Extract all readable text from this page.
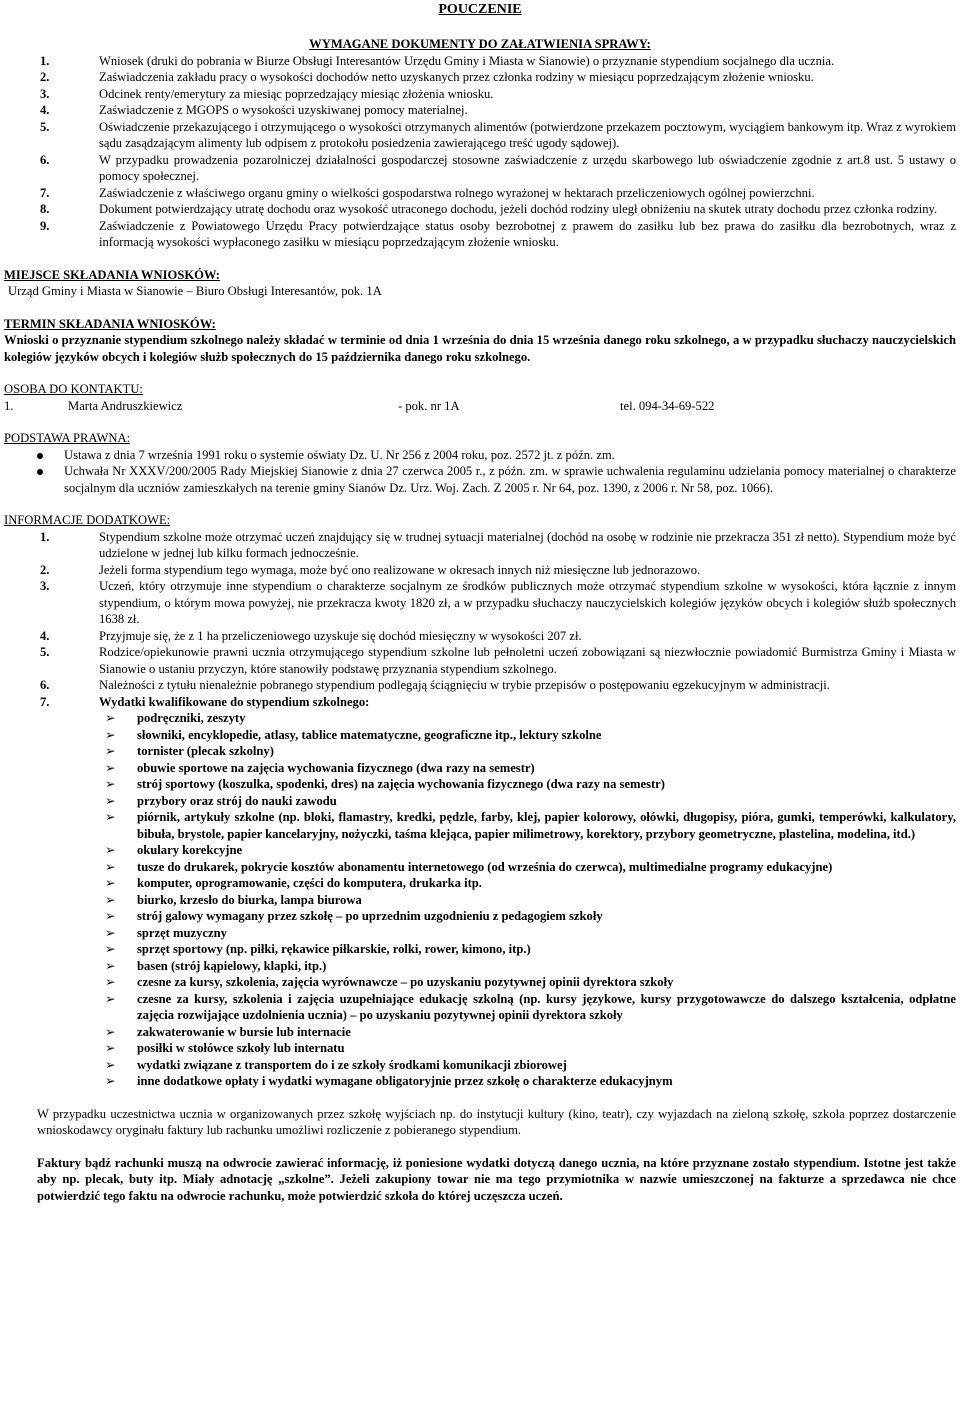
POUCZENIE
WYMAGANE DOKUMENTY DO ZAŁATWIENIA SPRAWY:
1.	Wniosek (druki do pobrania w Biurze Obsługi Interesantów Urzędu Gminy i Miasta w Sianowie) o przyznanie stypendium socjalnego dla ucznia.
2.	Zaświadczenia zakładu pracy o wysokości dochodów netto uzyskanych przez członka rodziny w miesiącu poprzedzającym złożenie wniosku.
3.	Odcinek renty/emerytury za miesiąc poprzedzający miesiąc złożenia wniosku.
4.	Zaświadczenie z MGOPS o wysokości uzyskiwanej pomocy materialnej.
5.	Oświadczenie przekazującego i otrzymującego o wysokości otrzymanych alimentów (potwierdzone przekazem pocztowym, wyciągiem bankowym itp. Wraz z wyrokiem sądu zasądzającym alimenty lub odpisem z protokołu posiedzenia zawierającego treść ugody sądowej).
6.	W przypadku prowadzenia pozarolniczej działalności gospodarczej stosowne zaświadczenie z urzędu skarbowego lub oświadczenie zgodnie z art.8 ust. 5 ustawy o pomocy społecznej.
7.	Zaświadczenie z właściwego organu gminy o wielkości gospodarstwa rolnego wyrażonej w hektarach przeliczeniowych ogólnej powierzchni.
8.	Dokument potwierdzający utratę dochodu oraz wysokość utraconego dochodu, jeżeli dochód rodziny uległ obniżeniu na skutek utraty dochodu przez członka rodziny.
9.	Zaświadczenie z Powiatowego Urzędu Pracy potwierdzające status osoby bezrobotnej z prawem do zasiłku lub bez prawa do zasiłku dla bezrobotnych, wraz z informacją wysokości wypłaconego zasiłku w miesiącu poprzedzającym złożenie wniosku.
MIEJSCE SKŁADANIA WNIOSKÓW:
Urząd Gminy i Miasta w Sianowie – Biuro Obsługi Interesantów, pok. 1A
TERMIN SKŁADANIA WNIOSKÓW:
Wnioski o przyznanie stypendium szkolnego należy składać w terminie od dnia 1 września do dnia 15 września danego roku szkolnego, a w przypadku słuchaczy nauczycielskich kolegiów języków obcych i kolegiów służb społecznych do 15 października danego roku szkolnego.
OSOBA DO KONTAKTU:
1.	Marta Andruszkiewicz	- pok. nr 1A	tel. 094-34-69-522
PODSTAWA PRAWNA:
Ustawa z dnia 7 września 1991 roku o systemie oświaty Dz. U. Nr 256 z 2004 roku, poz. 2572 jt. z późn. zm.
Uchwała Nr XXXV/200/2005 Rady Miejskiej Sianowie z dnia 27 czerwca 2005 r., z późn. zm. w sprawie uchwalenia regulaminu udzielania pomocy materialnej o charakterze socjalnym dla uczniów zamieszkałych na terenie gminy Sianów Dz. Urz. Woj. Zach. Z 2005 r. Nr 64, poz. 1390, z 2006 r. Nr 58, poz. 1066).
INFORMACJE DODATKOWE:
1.	Stypendium szkolne może otrzymać uczeń znajdujący się w trudnej sytuacji materialnej (dochód na osobę w rodzinie nie przekracza 351 zł netto). Stypendium może być udzielone w jednej lub kilku formach jednocześnie.
2.	Jeżeli forma stypendium tego wymaga, może być ono realizowane w okresach innych niż miesięczne lub jednorazowo.
3.	Uczeń, który otrzymuje inne stypendium o charakterze socjalnym ze środków publicznych może otrzymać stypendium szkolne w wysokości, która łącznie z innym stypendium, o którym mowa powyżej, nie przekracza kwoty 1820 zł, a w przypadku słuchaczy nauczycielskich kolegiów języków obcych i kolegiów służb społecznych 1638 zł.
4.	Przyjmuje się, że z 1 ha przeliczeniowego uzyskuje się dochód miesięczny w wysokości 207 zł.
5.	Rodzice/opiekunowie prawni ucznia otrzymującego stypendium szkolne lub pełnoletni uczeń zobowiązani są niezwłocznie powiadomić Burmistrza Gminy i Miasta w Sianowie o ustaniu przyczyn, które stanowiły podstawę przyznania stypendium szkolnego.
6.	Należności z tytułu nienależnie pobranego stypendium podlegają ściągnięciu w trybie przepisów o postępowaniu egzekucyjnym w administracji.
7.	Wydatki kwalifikowane do stypendium szkolnego:
➢ podręczniki, zeszyty
➢ słowniki, encyklopedie, atlasy, tablice matematyczne, geograficzne itp., lektury szkolne
➢ tornister (plecak szkolny)
➢ obuwie sportowe na zajęcia wychowania fizycznego (dwa razy na semestr)
➢ strój sportowy (koszulka, spodenki, dres) na zajęcia wychowania fizycznego (dwa razy na semestr)
➢ przybory oraz strój do nauki zawodu
➢ piórnik, artykuły szkolne (np. bloki, flamastry, kredki, pędzle, farby, klej, papier kolorowy, ołówki, długopisy, pióra, gumki, temperówki, kalkulatory, bibuła, brystole, papier kancelaryjny, nożyczki, taśma klejąca, papier milimetrowy, korektory, przybory geometryczne, plastelina, modelina, itd.)
➢ okulary korekcyjne
➢ tusze do drukarek, pokrycie kosztów abonamentu internetowego (od września do czerwca), multimedialne programy edukacyjne)
➢ komputer, oprogramowanie, części do komputera, drukarka itp.
➢ biurko, krzesło do biurka, lampa biurowa
➢ strój galowy wymagany przez szkołę – po uprzednim uzgodnieniu z pedagogiem szkoły
➢ sprzęt muzyczny
➢ sprzęt sportowy (np. piłki, rękawice piłkarskie, rolki, rower, kimono, itp.)
➢ basen (strój kąpielowy, klapki, itp.)
➢ czesne za kursy, szkolenia, zajęcia wyrównawcze – po uzyskaniu pozytywnej opinii dyrektora szkoły
➢ czesne za kursy, szkolenia i zajęcia uzupełniające edukację szkolną (np. kursy językowe, kursy przygotowawcze do dalszego kształcenia, odpłatne zajęcia rozwijające uzdolnienia ucznia) – po uzyskaniu pozytywnej opinii dyrektora szkoły
➢ zakwaterowanie w bursie lub internacie
➢ posiłki w stołówce szkoły lub internatu
➢ wydatki związane z transportem do i ze szkoły środkami komunikacji zbiorowej
➢ inne dodatkowe opłaty i wydatki wymagane obligatoryjnie przez szkołę o charakterze edukacyjnym
W przypadku uczestnictwa ucznia w organizowanych przez szkołę wyjściach np. do instytucji kultury (kino, teatr), czy wyjazdach na zieloną szkołę, szkoła poprzez dostarczenie wnioskodawcy oryginału faktury lub rachunku umożliwi rozliczenie z pobieranego stypendium.
Faktury bądź rachunki muszą na odwrocie zawierać informację, iż poniesione wydatki dotyczą danego ucznia, na które przyznane zostało stypendium. Istotne jest także aby np. plecak, buty itp. Miały adnotację „szkolne”. Jeżeli zakupiony towar nie ma tego przymiotnika w nazwie umieszczonej na fakturze a sprzedawca nie chce potwierdzić tego faktu na odwrocie rachunku, może potwierdzić szkoła do której uczęszcza uczeń.
